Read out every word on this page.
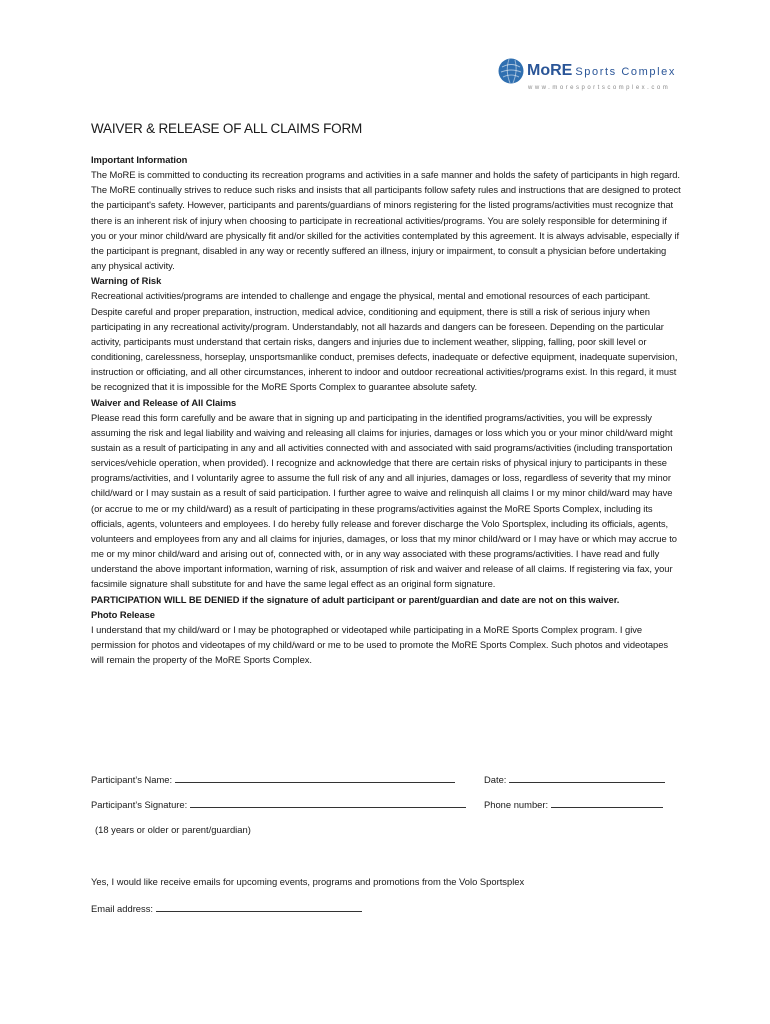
MoRE Sports Complex
www.moresportscomplex.com
WAIVER & RELEASE OF ALL CLAIMS FORM
Important Information

The MoRE is committed to conducting its recreation programs and activities in a safe manner and holds the safety of participants in high regard. The MoRE continually strives to reduce such risks and insists that all participants follow safety rules and instructions that are designed to protect the participant's safety. However, participants and parents/guardians of minors registering for the listed programs/activities must recognize that there is an inherent risk of injury when choosing to participate in recreational activities/programs. You are solely responsible for determining if you or your minor child/ward are physically fit and/or skilled for the activities contemplated by this agreement. It is always advisable, especially if the participant is pregnant, disabled in any way or recently suffered an illness, injury or impairment, to consult a physician before undertaking any physical activity.

Warning of Risk

Recreational activities/programs are intended to challenge and engage the physical, mental and emotional resources of each participant. Despite careful and proper preparation, instruction, medical advice, conditioning and equipment, there is still a risk of serious injury when participating in any recreational activity/program. Understandably, not all hazards and dangers can be foreseen. Depending on the particular activity, participants must understand that certain risks, dangers and injuries due to inclement weather, slipping, falling, poor skill level or conditioning, carelessness, horseplay, unsportsmanlike conduct, premises defects, inadequate or defective equipment, inadequate supervision, instruction or officiating, and all other circumstances, inherent to indoor and outdoor recreational activities/programs exist. In this regard, it must be recognized that it is impossible for the MoRE Sports Complex to guarantee absolute safety.

Waiver and Release of All Claims

Please read this form carefully and be aware that in signing up and participating in the identified programs/activities, you will be expressly assuming the risk and legal liability and waiving and releasing all claims for injuries, damages or loss which you or your minor child/ward might sustain as a result of participating in any and all activities connected with and associated with said programs/activities (including transportation services/vehicle operation, when provided). I recognize and acknowledge that there are certain risks of physical injury to participants in these programs/activities, and I voluntarily agree to assume the full risk of any and all injuries, damages or loss, regardless of severity that my minor child/ward or I may sustain as a result of said participation. I further agree to waive and relinquish all claims I or my minor child/ward may have (or accrue to me or my child/ward) as a result of participating in these programs/activities against the MoRE Sports Complex, including its officials, agents, volunteers and employees. I do hereby fully release and forever discharge the Volo Sportsplex, including its officials, agents, volunteers and employees from any and all claims for injuries, damages, or loss that my minor child/ward or I may have or which may accrue to me or my minor child/ward and arising out of, connected with, or in any way associated with these programs/activities. I have read and fully understand the above important information, warning of risk, assumption of risk and waiver and release of all claims. If registering via fax, your facsimile signature shall substitute for and have the same legal effect as an original form signature.

PARTICIPATION WILL BE DENIED if the signature of adult participant or parent/guardian and date are not on this waiver.

Photo Release

I understand that my child/ward or I may be photographed or videotaped while participating in a MoRE Sports Complex program. I give permission for photos and videotapes of my child/ward or me to be used to promote the MoRE Sports Complex. Such photos and videotapes will remain the property of the MoRE Sports Complex.

Participant’s Name:	Date:
Participant’s Signature:	Phone number:
(18 years or older or parent/guardian)
Yes, I would like receive emails for upcoming events, programs and promotions from the Volo Sportsplex
Email address:
